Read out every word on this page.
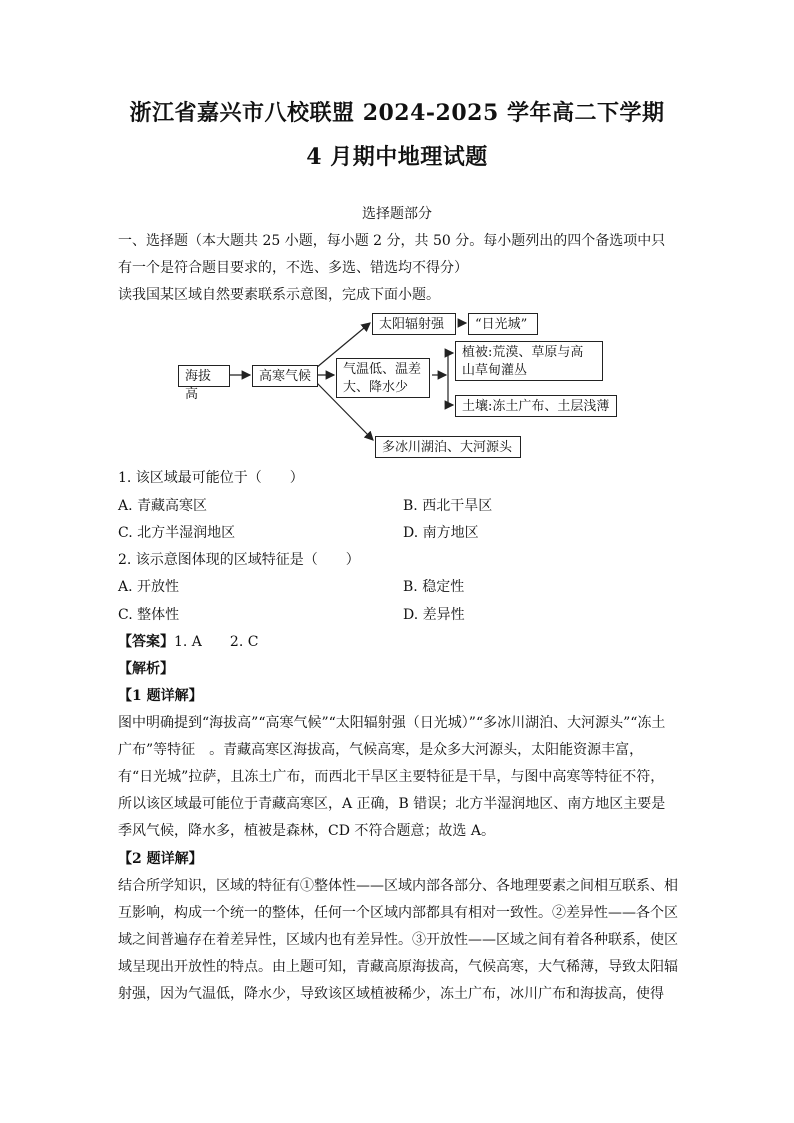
浙江省嘉兴市八校联盟 2024-2025 学年高二下学期
4 月期中地理试题
选择题部分
一、选择题（本大题共 25 小题，每小题 2 分，共 50 分。每小题列出的四个备选项中只有一个是符合题目要求的，不选、多选、错选均不得分）
读我国某区域自然要素联系示意图，完成下面小题。
海拔高
高寒气候
太阳辐射强	“日光城”
气温低、温差大、降水少
植被:荒漠、草原与高山草甸灌丛
土壤:冻土广布、土层浅薄
多冰川湖泊、大河源头
1. 该区域最可能位于（　　）
A. 青藏高寒区	B. 西北干旱区
C. 北方半湿润地区	D. 南方地区
2. 该示意图体现的区域特征是（　　）
A. 开放性	B. 稳定性
C. 整体性	D. 差异性
【答案】1. A　　2. C
【解析】
【1 题详解】
图中明确提到“海拔高”“高寒气候”“太阳辐射强（日光城）”“多冰川湖泊、大河源头”“冻土广布”等特征　。青藏高寒区海拔高，气候高寒，是众多大河源头，太阳能资源丰富，有“日光城”拉萨，且冻土广布，而西北干旱区主要特征是干旱，与图中高寒等特征不符，所以该区域最可能位于青藏高寒区，A 正确，B 错误；北方半湿润地区、南方地区主要是季风气候，降水多，植被是森林，CD 不符合题意；故选 A。
【2 题详解】
结合所学知识，区域的特征有①整体性——区域内部各部分、各地理要素之间相互联系、相互影响，构成一个统一的整体，任何一个区域内部都具有相对一致性。②差异性——各个区域之间普遍存在着差异性，区域内也有差异性。③开放性——区域之间有着各种联系，使区域呈现出开放性的特点。由上题可知，青藏高原海拔高，气候高寒，大气稀薄，导致太阳辐射强，因为气温低，降水少，导致该区域植被稀少，冻土广布，冰川广布和海拔高，使得
